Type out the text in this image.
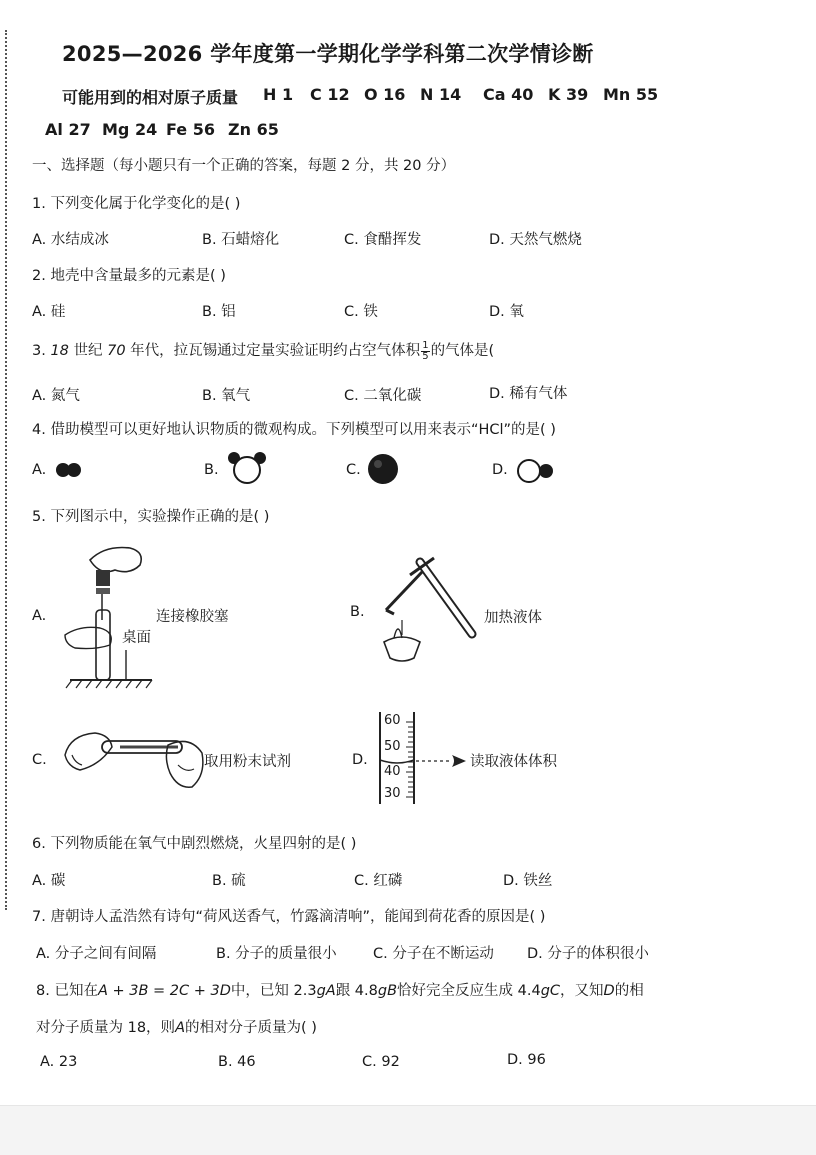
2025—2026 学年度第一学期化学学科第二次学情诊断
可能用到的相对原子质量 H 1 C 12 O 16 N 14 Ca 40 K 39 Mn 55
Al 27 Mg 24 Fe 56 Zn 65
一、选择题（每小题只有一个正确的答案，每题 2 分，共 20 分）
1. 下列变化属于化学变化的是( )
A. 水结成冰	B. 石蜡熔化	C. 食醋挥发	D. 天然气燃烧
2. 地壳中含量最多的元素是( )
A. 硅	B. 铝	C. 铁	D. 氧
3. 18 世纪 70 年代，拉瓦锡通过定量实验证明约占空气体积 $\frac{1}{5}$ 的气体是(
A. 氮气	B. 氧气	C. 二氧化碳	D. 稀有气体
4. 借助模型可以更好地认识物质的微观构成。下列模型可以用来表示“HCl”的是( )
A.	B.	C.	D.
5. 下列图示中，实验操作正确的是( )
A.	连接橡胶塞
桌面
B.	加热液体
C.	取用粉末试剂	D.
60
50
40
30
读取液体体积
6. 下列物质能在氧气中剧烈燃烧，火星四射的是( )
A. 碳	B. 硫	C. 红磷	D. 铁丝
7. 唐朝诗人孟浩然有诗句“荷风送香气，竹露滴清响”，能闻到荷花香的原因是( )
A. 分子之间有间隔	B. 分子的质量很小	C. 分子在不断运动 D. 分子的体积很小
8. 已知在A + 3B = 2C + 3D中，已知 2.3gA跟 4.8gB恰好完全反应生成 4.4gC，又知D的相
对分子质量为 18，则A的相对分子质量为( )
A. 23	B. 46	C. 92	D. 96
